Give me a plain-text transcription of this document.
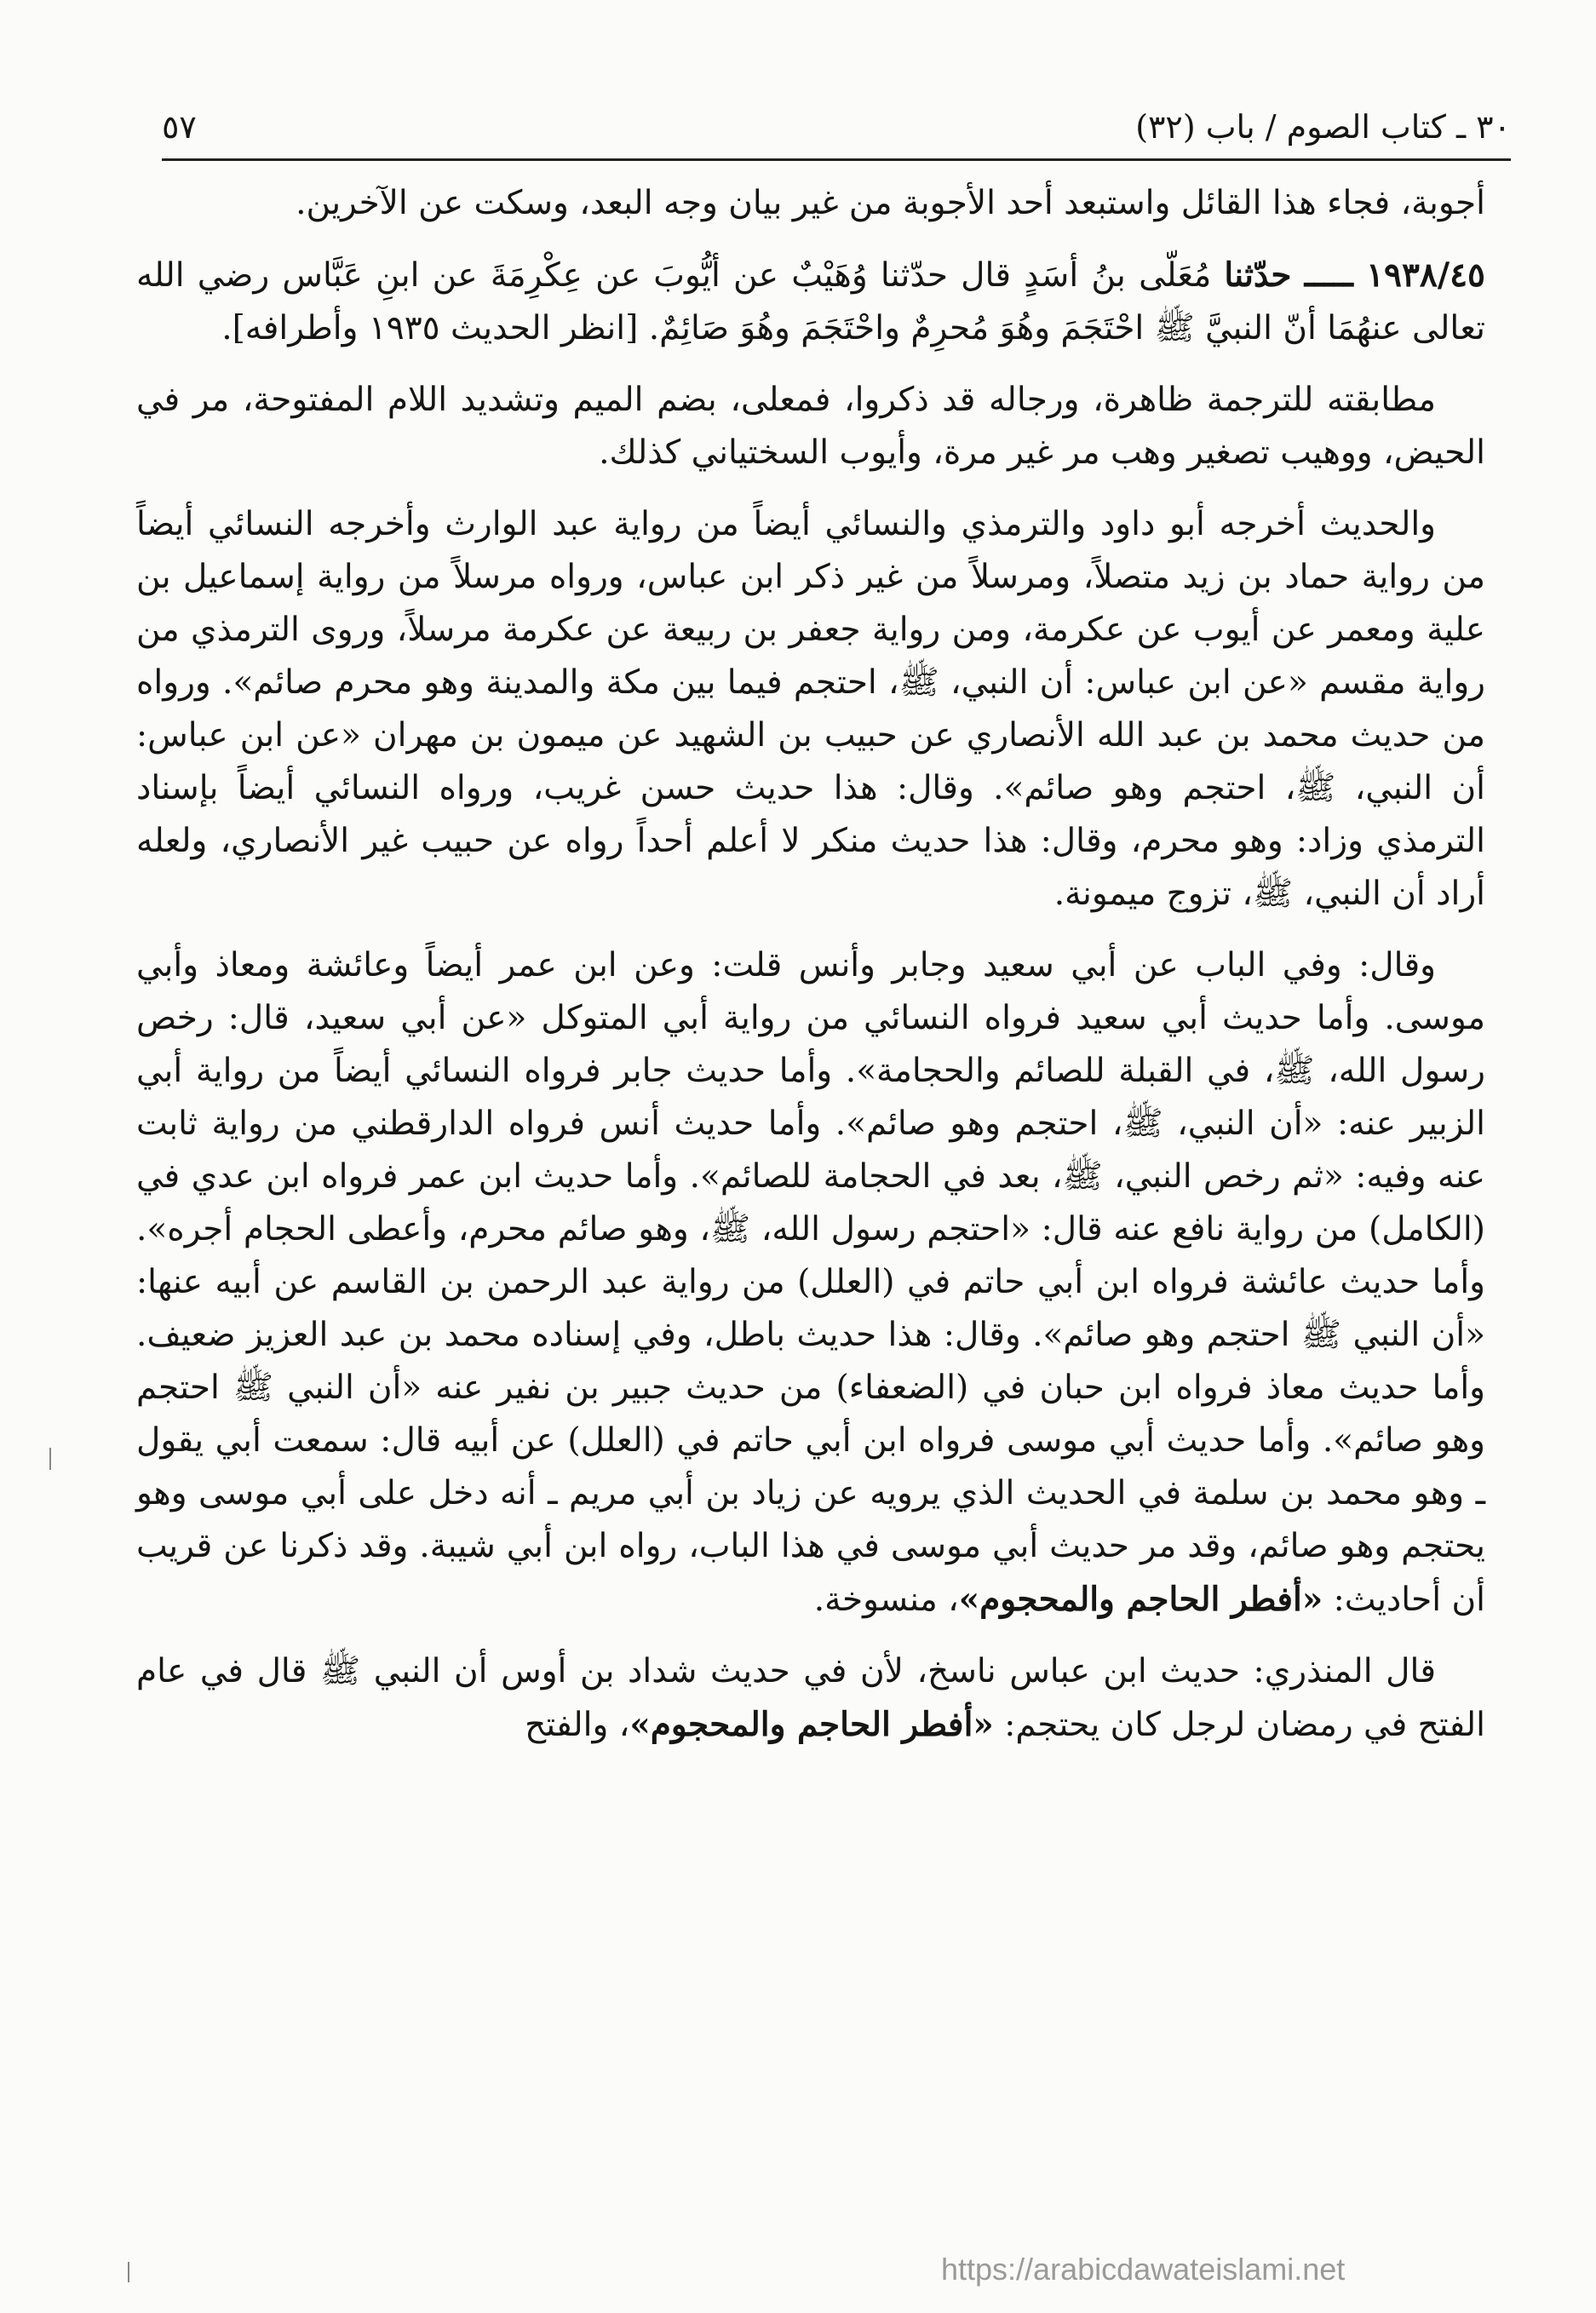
٣٠ ـ كتاب الصوم / باب (٣٢)
٥٧

أجوبة، فجاء هذا القائل واستبعد أحد الأجوبة من غير بيان وجه البعد، وسكت عن الآخرين.

١٩٣٨/٤٥ ـــــ حدّثنا مُعَلّى بنُ أسَدٍ قال حدّثنا وُهَيْبٌ عن أيُّوبَ عن عِكْرِمَةَ عن ابنِ عَبَّاس رضي الله تعالى عنهُمَا أنّ النبيَّ ﷺ احْتَجَمَ وهُوَ مُحرِمٌ واحْتَجَمَ وهُوَ صَائِمٌ. [انظر الحديث ١٩٣٥ وأطرافه].

مطابقته للترجمة ظاهرة، ورجاله قد ذكروا، فمعلى، بضم الميم وتشديد اللام المفتوحة، مر في الحيض، ووهيب تصغير وهب مر غير مرة، وأيوب السختياني كذلك.

والحديث أخرجه أبو داود والترمذي والنسائي أيضاً من رواية عبد الوارث وأخرجه النسائي أيضاً من رواية حماد بن زيد متصلاً، ومرسلاً من غير ذكر ابن عباس، ورواه مرسلاً من رواية إسماعيل بن علية ومعمر عن أيوب عن عكرمة، ومن رواية جعفر بن ربيعة عن عكرمة مرسلاً، وروى الترمذي من رواية مقسم «عن ابن عباس: أن النبي، ﷺ، احتجم فيما بين مكة والمدينة وهو محرم صائم». ورواه من حديث محمد بن عبد الله الأنصاري عن حبيب بن الشهيد عن ميمون بن مهران «عن ابن عباس: أن النبي، ﷺ، احتجم وهو صائم». وقال: هذا حديث حسن غريب، ورواه النسائي أيضاً بإسناد الترمذي وزاد: وهو محرم، وقال: هذا حديث منكر لا أعلم أحداً رواه عن حبيب غير الأنصاري، ولعله أراد أن النبي، ﷺ، تزوج ميمونة.

وقال: وفي الباب عن أبي سعيد وجابر وأنس قلت: وعن ابن عمر أيضاً وعائشة ومعاذ وأبي موسى. وأما حديث أبي سعيد فرواه النسائي من رواية أبي المتوكل «عن أبي سعيد، قال: رخص رسول الله، ﷺ، في القبلة للصائم والحجامة». وأما حديث جابر فرواه النسائي أيضاً من رواية أبي الزبير عنه: «أن النبي، ﷺ، احتجم وهو صائم». وأما حديث أنس فرواه الدارقطني من رواية ثابت عنه وفيه: «ثم رخص النبي، ﷺ، بعد في الحجامة للصائم». وأما حديث ابن عمر فرواه ابن عدي في (الكامل) من رواية نافع عنه قال: «احتجم رسول الله، ﷺ، وهو صائم محرم، وأعطى الحجام أجره». وأما حديث عائشة فرواه ابن أبي حاتم في (العلل) من رواية عبد الرحمن بن القاسم عن أبيه عنها: «أن النبي ﷺ احتجم وهو صائم». وقال: هذا حديث باطل، وفي إسناده محمد بن عبد العزيز ضعيف. وأما حديث معاذ فرواه ابن حبان في (الضعفاء) من حديث جبير بن نفير عنه «أن النبي ﷺ احتجم وهو صائم». وأما حديث أبي موسى فرواه ابن أبي حاتم في (العلل) عن أبيه قال: سمعت أبي يقول ـ وهو محمد بن سلمة في الحديث الذي يرويه عن زياد بن أبي مريم ـ أنه دخل على أبي موسى وهو يحتجم وهو صائم، وقد مر حديث أبي موسى في هذا الباب، رواه ابن أبي شيبة. وقد ذكرنا عن قريب أن أحاديث: «أفطر الحاجم والمحجوم»، منسوخة.

قال المنذري: حديث ابن عباس ناسخ، لأن في حديث شداد بن أوس أن النبي ﷺ قال في عام الفتح في رمضان لرجل كان يحتجم: «أفطر الحاجم والمحجوم»، والفتح

https://arabicdawateislami.net
